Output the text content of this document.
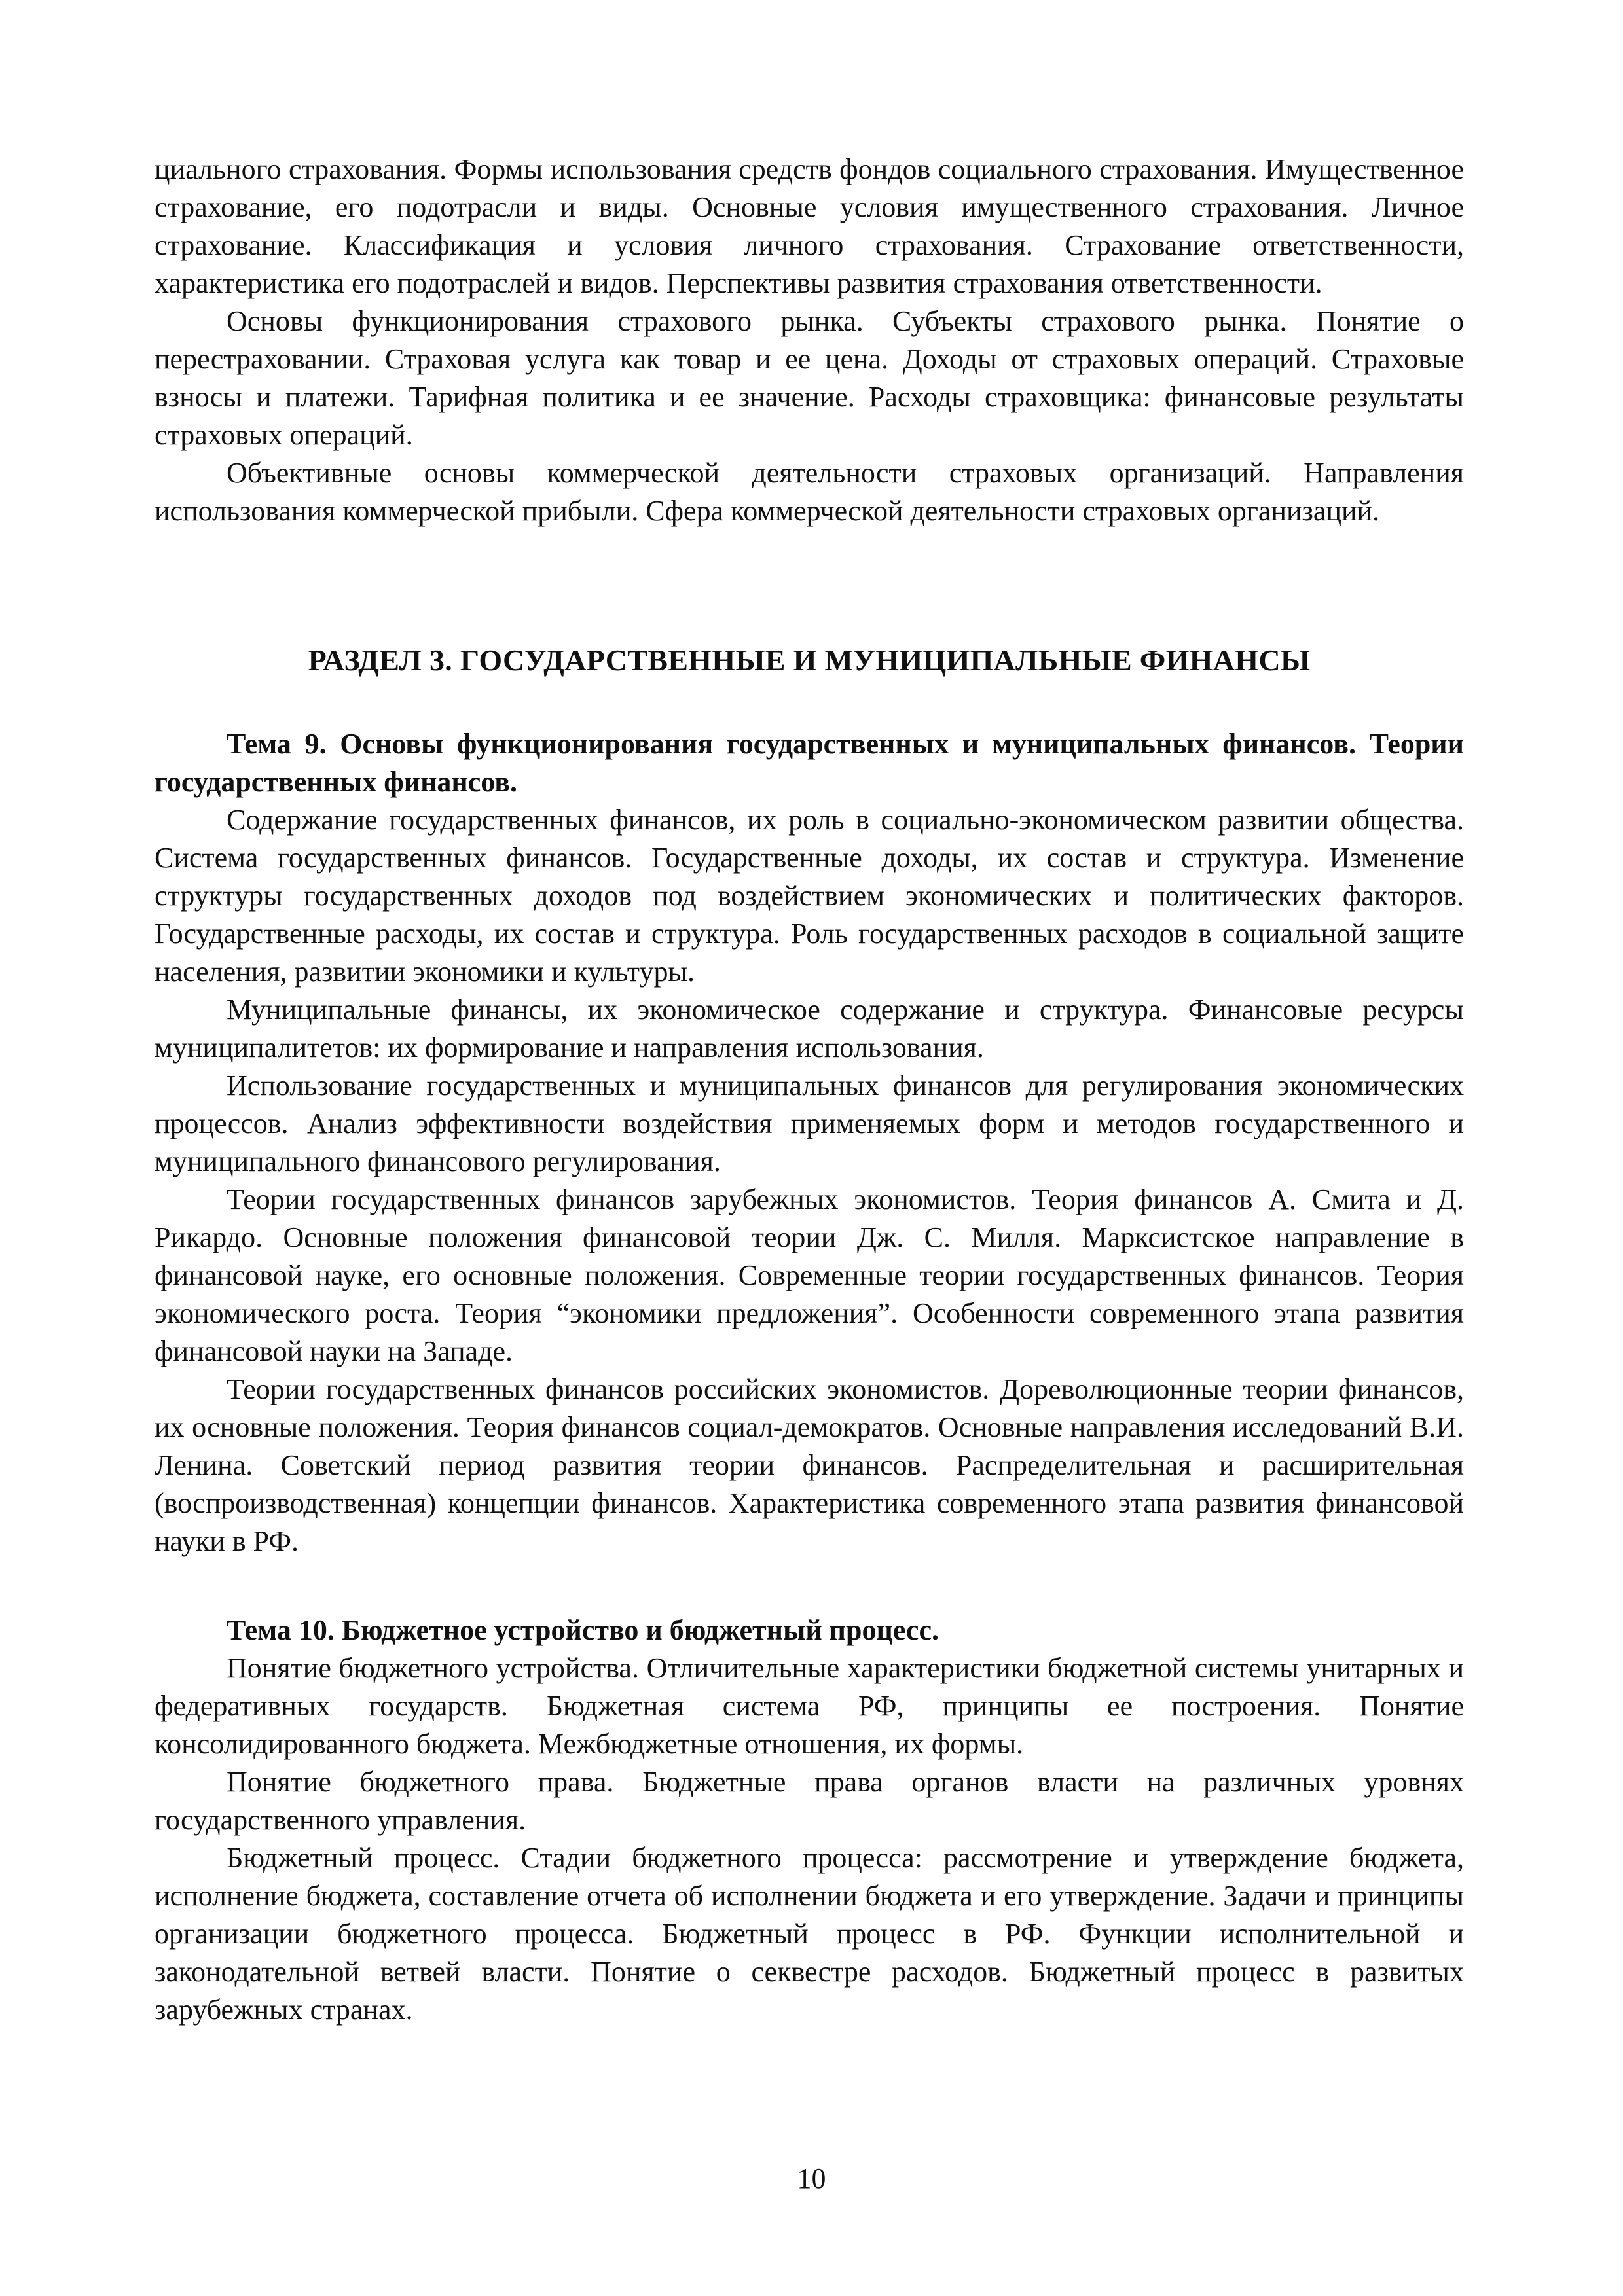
циального страхования. Формы использования средств фондов социального страхования. Имущественное страхование, его подотрасли и виды. Основные условия имущественного страхования. Личное страхование. Классификация и условия личного страхования. Страхование ответственности, характеристика его подотраслей и видов. Перспективы развития страхования ответственности.

Основы функционирования страхового рынка. Субъекты страхового рынка. Понятие о перестраховании. Страховая услуга как товар и ее цена. Доходы от страховых операций. Страховые взносы и платежи. Тарифная политика и ее значение. Расходы страховщика: финансовые результаты страховых операций.

Объективные основы коммерческой деятельности страховых организаций. Направления использования коммерческой прибыли. Сфера коммерческой деятельности страховых организаций.

РАЗДЕЛ 3. ГОСУДАРСТВЕННЫЕ И МУНИЦИПАЛЬНЫЕ ФИНАНСЫ
Тема 9. Основы функционирования государственных и муниципальных финансов. Теории государственных финансов.

Содержание государственных финансов, их роль в социально-экономическом развитии общества. Система государственных финансов. Государственные доходы, их состав и структура. Изменение структуры государственных доходов под воздействием экономических и политических факторов. Государственные расходы, их состав и структура. Роль государственных расходов в социальной защите населения, развитии экономики и культуры.

Муниципальные финансы, их экономическое содержание и структура. Финансовые ресурсы муниципалитетов: их формирование и направления использования.

Использование государственных и муниципальных финансов для регулирования экономических процессов. Анализ эффективности воздействия применяемых форм и методов государственного и муниципального финансового регулирования.

Теории государственных финансов зарубежных экономистов. Теория финансов А. Смита и Д. Рикардо. Основные положения финансовой теории Дж. С. Милля. Марксистское направление в финансовой науке, его основные положения. Современные теории государственных финансов. Теория экономического роста. Теория “экономики предложения”. Особенности современного этапа развития финансовой науки на Западе.

Теории государственных финансов российских экономистов. Дореволюционные теории финансов, их основные положения. Теория финансов социал-демократов. Основные направления исследований В.И. Ленина. Советский период развития теории финансов. Распределительная и расширительная (воспроизводственная) концепции финансов. Характеристика современного этапа развития финансовой науки в РФ.

Тема 10. Бюджетное устройство и бюджетный процесс.

Понятие бюджетного устройства. Отличительные характеристики бюджетной системы унитарных и федеративных государств. Бюджетная система РФ, принципы ее построения. Понятие консолидированного бюджета. Межбюджетные отношения, их формы.

Понятие бюджетного права. Бюджетные права органов власти на различных уровнях государственного управления.

Бюджетный процесс. Стадии бюджетного процесса: рассмотрение и утверждение бюджета, исполнение бюджета, составление отчета об исполнении бюджета и его утверждение. Задачи и принципы организации бюджетного процесса. Бюджетный процесс в РФ. Функции исполнительной и законодательной ветвей власти. Понятие о секвестре расходов. Бюджетный процесс в развитых зарубежных странах.

10
